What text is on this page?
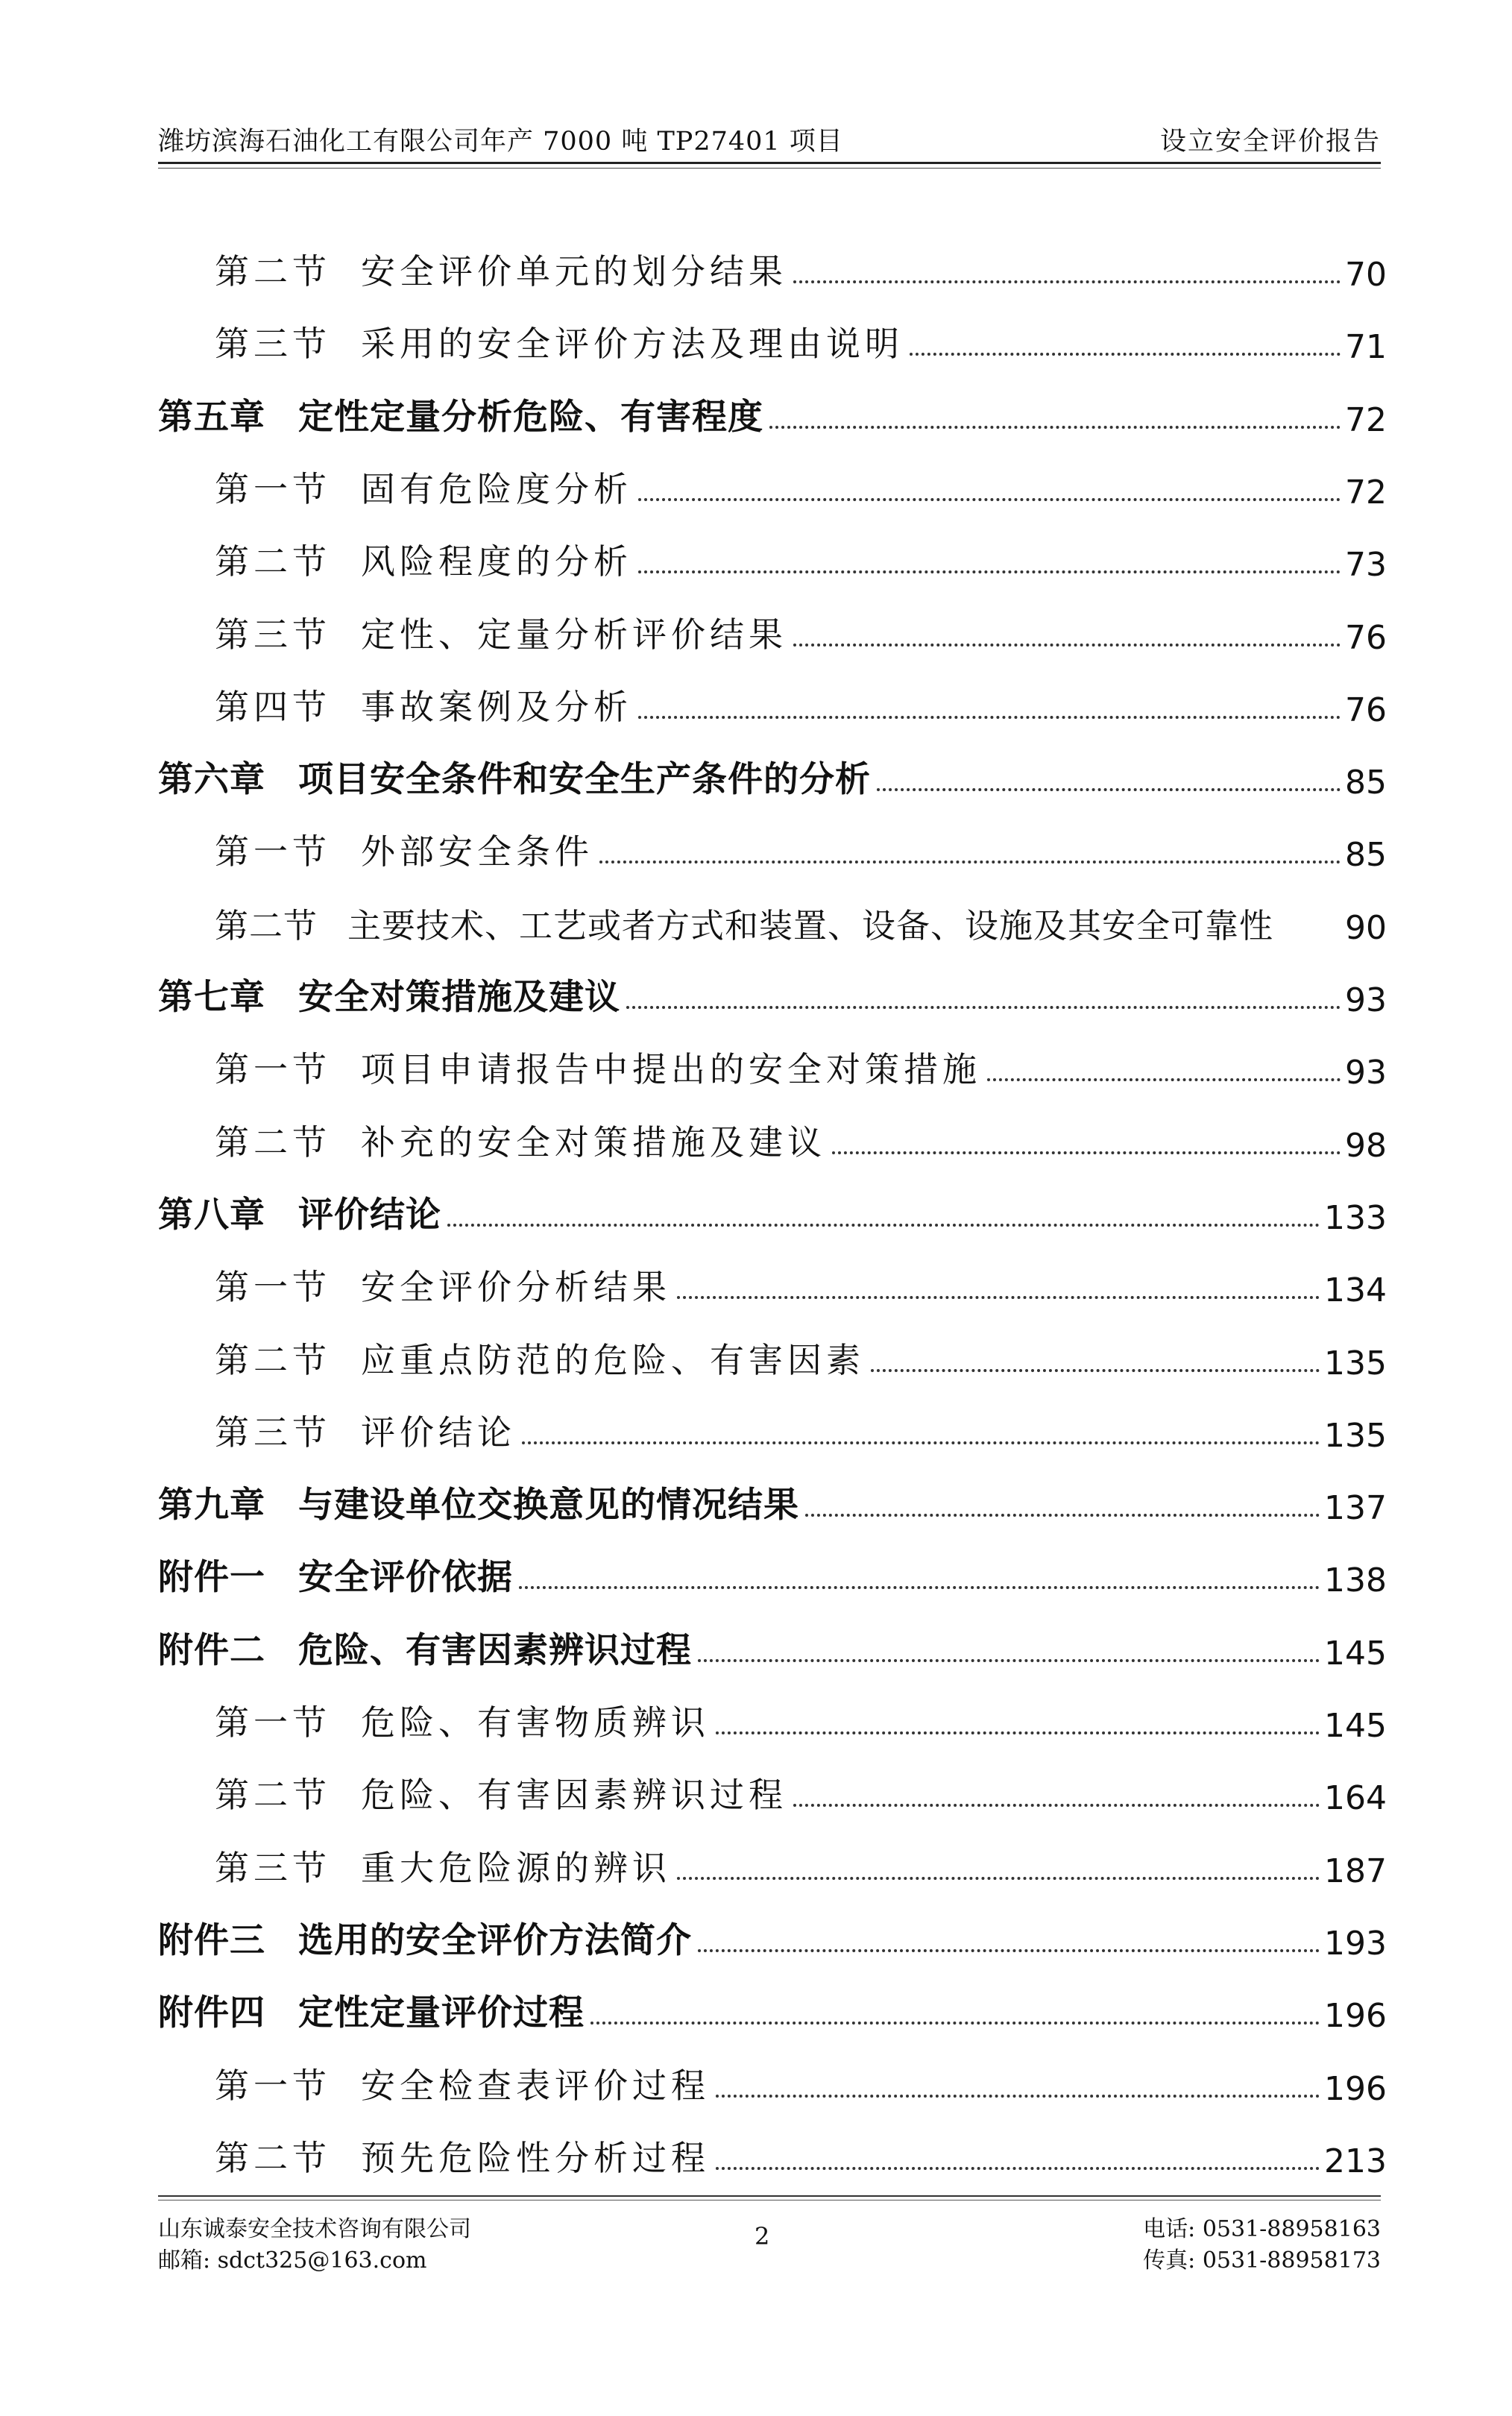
潍坊滨海石油化工有限公司年产 7000 吨 TP27401 项目	设立安全评价报告
第二节 安全评价单元的划分结果	70
第三节 采用的安全评价方法及理由说明	71
第五章 定性定量分析危险、有害程度	72
第一节 固有危险度分析	72
第二节 风险程度的分析	73
第三节 定性、定量分析评价结果	76
第四节 事故案例及分析	76
第六章 项目安全条件和安全生产条件的分析	85
第一节 外部安全条件	85
第二节 主要技术、工艺或者方式和装置、设备、设施及其安全可靠性 90
第七章 安全对策措施及建议	93
第一节 项目申请报告中提出的安全对策措施	93
第二节 补充的安全对策措施及建议	98
第八章 评价结论	133
第一节 安全评价分析结果	134
第二节 应重点防范的危险、有害因素	135
第三节 评价结论	135
第九章 与建设单位交换意见的情况结果	137
附件一 安全评价依据	138
附件二 危险、有害因素辨识过程	145
第一节 危险、有害物质辨识	145
第二节 危险、有害因素辨识过程	164
第三节 重大危险源的辨识	187
附件三 选用的安全评价方法简介	193
附件四 定性定量评价过程	196
第一节 安全检查表评价过程	196
第二节 预先危险性分析过程	213
山东诚泰安全技术咨询有限公司
邮箱: sdct325@163.com
2	电话: 0531-88958163
传真: 0531-88958173
